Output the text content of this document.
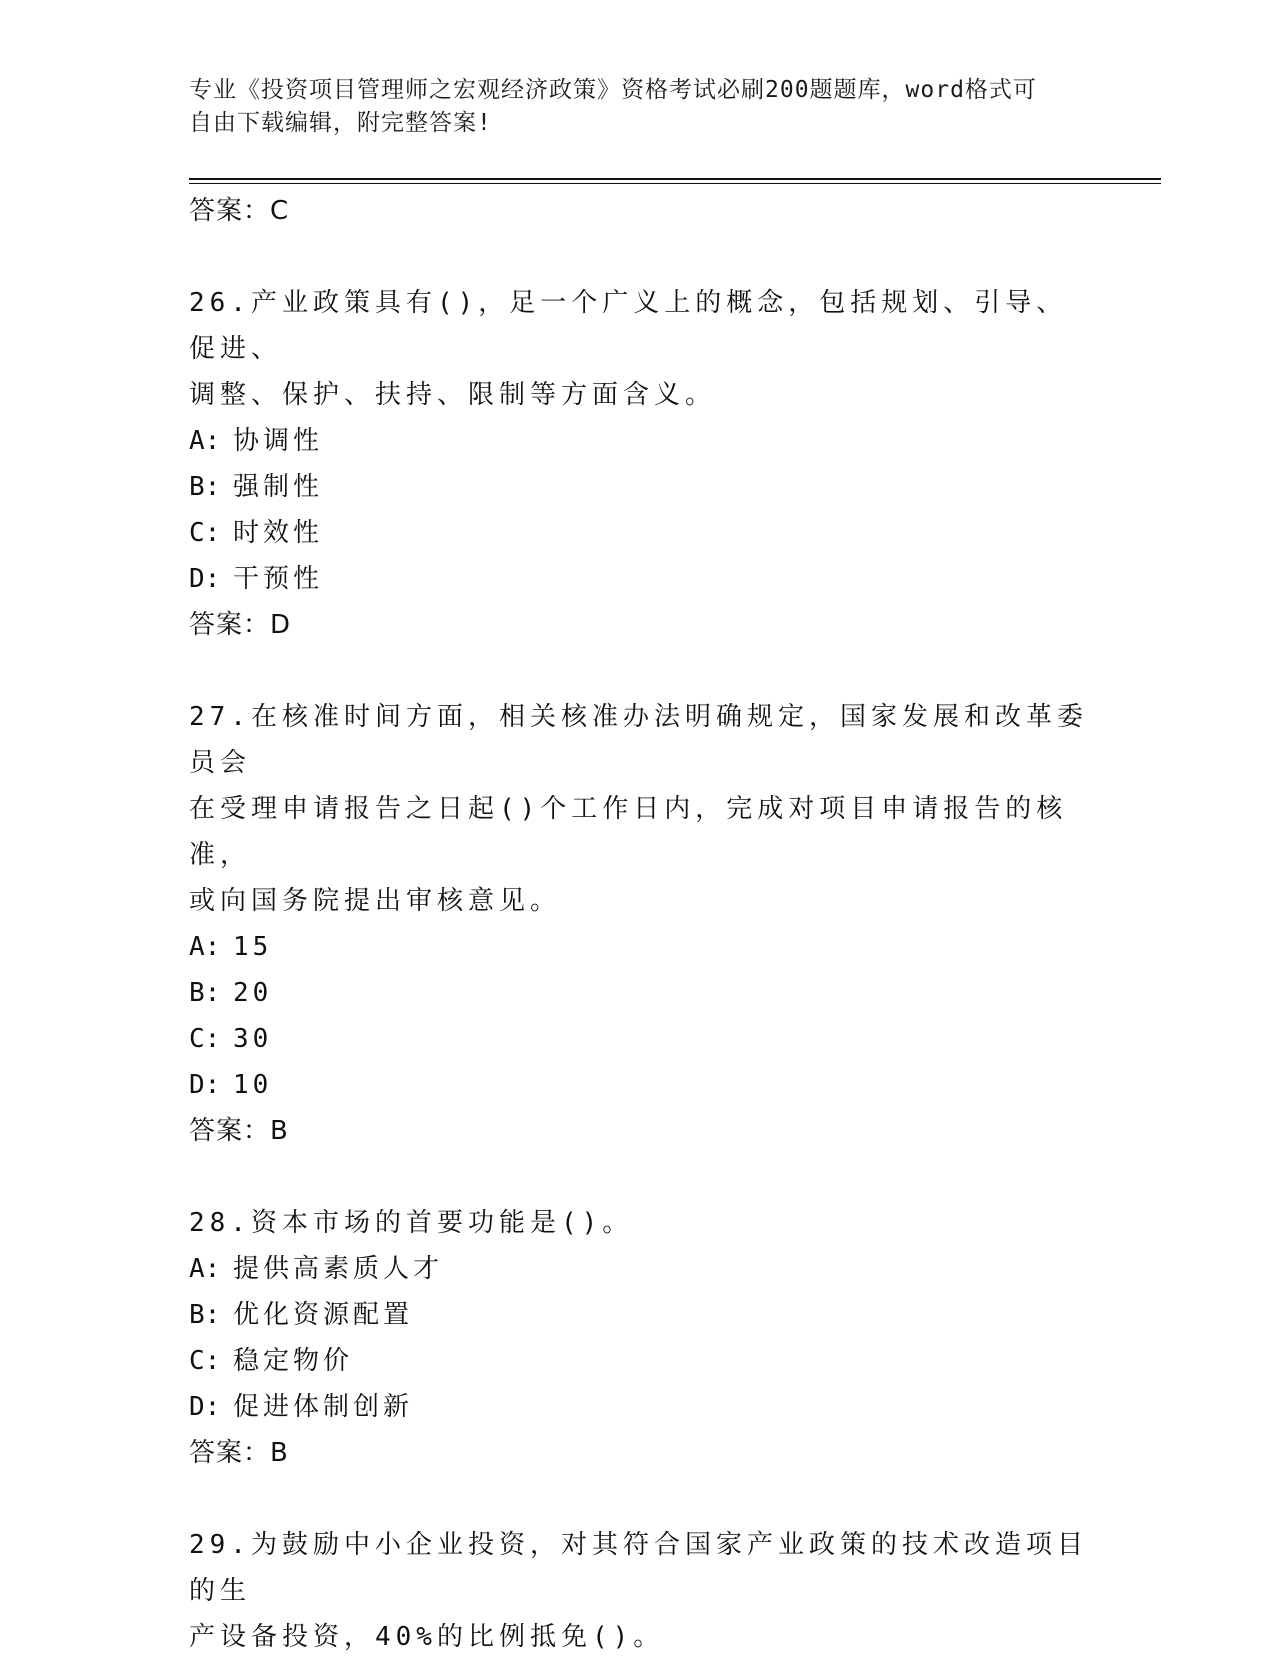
专业《投资项目管理师之宏观经济政策》资格考试必刷200题题库，word格式可
自由下载编辑，附完整答案!
答案：C
26.产业政策具有()，足一个广义上的概念，包括规划、引导、促进、
调整、保护、扶持、限制等方面含义。
A: 协调性
B: 强制性
C: 时效性
D: 干预性
答案：D
27.在核准时间方面，相关核准办法明确规定，国家发展和改革委员会
在受理申请报告之日起()个工作日内，完成对项目申请报告的核准，
或向国务院提出审核意见。
A: 15
B: 20
C: 30
D: 10
答案：B
28.资本市场的首要功能是()。
A: 提供高素质人才
B: 优化资源配置
C: 稳定物价
D: 促进体制创新
答案：B
29.为鼓励中小企业投资，对其符合国家产业政策的技术改造项目的生
产设备投资，40%的比例抵免()。
